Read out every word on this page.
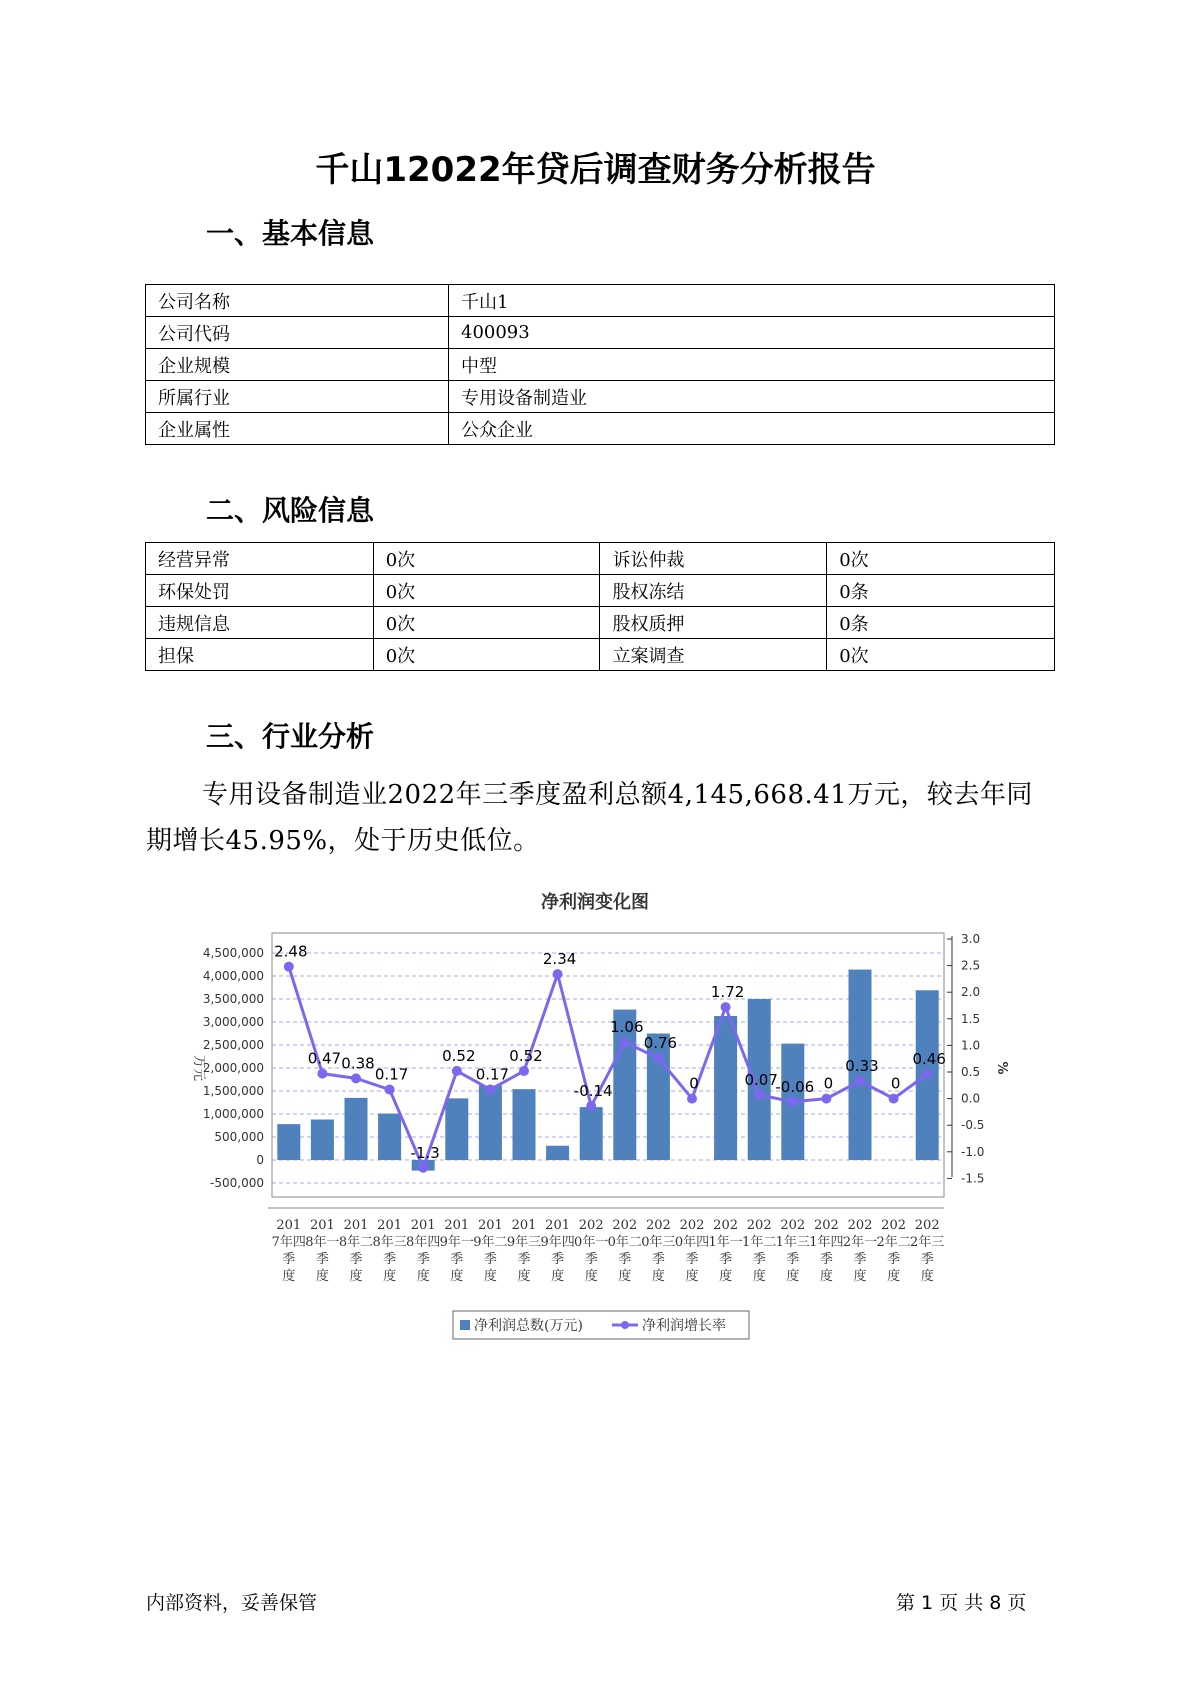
千山12022年贷后调查财务分析报告
一、基本信息
公司名称	千山1
公司代码	400093
企业规模	中型
所属行业	专用设备制造业
企业属性	公众企业
二、风险信息
经营异常	0次	诉讼仲裁	0次
环保处罚	0次	股权冻结	0条
违规信息	0次	股权质押	0条
担保	0次	立案调查	0次
三、行业分析
专用设备制造业2022年三季度盈利总额4,145,668.41万元，较去年同期增长45.95%，处于历史低位。
净利润变化图
4,500,000
4,000,000
3,500,000
3,000,000
2,500,000
2,000,000
1,500,000
1,000,000
500,000
0
-500,000
3.0
2.5
2.0
1.5
1.0
0.5
0.0
-0.5
-1.0
-1.5
万元	%
2.48
0.47 0.38
0.17
-1.3
0.52
0.17
0.52
2.34
-0.14
1.06
0.76
0
1.72
0.07
-0.06 0
0.33
0
0.46
201 7年四季度
201 8年一季度
201 8年二季度
201 8年三季度
201 8年四季度
201 9年一季度
201 9年二季度
201 9年三季度
201 9年四季度
202 0年一季度
202 0年二季度
202 0年三季度
202 0年四季度
202 1年一季度
202 1年二季度
202 1年三季度
202 1年四季度
202 2年一季度
202 2年二季度
202 2年三季度
净利润总数(万元)	净利润增长率
内部资料，妥善保管	第 1 页 共 8 页
